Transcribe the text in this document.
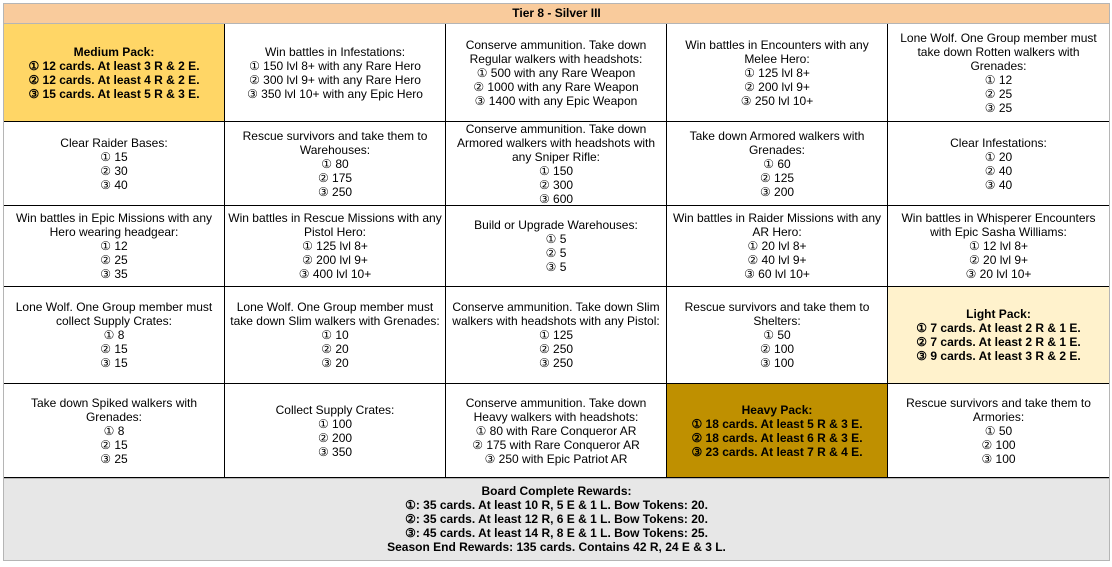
Tier 8 - Silver III
Medium Pack:
① 12 cards. At least 3 R & 2 E.
② 12 cards. At least 4 R & 2 E.
③ 15 cards. At least 5 R & 3 E.
Win battles in Infestations:
① 150 lvl 8+ with any Rare Hero
② 300 lvl 9+ with any Rare Hero
③ 350 lvl 10+ with any Epic Hero
Conserve ammunition. Take down Regular walkers with headshots:
① 500 with any Rare Weapon
② 1000 with any Rare Weapon
③ 1400 with any Epic Weapon
Win battles in Encounters with any Melee Hero:
① 125 lvl 8+
② 200 lvl 9+
③ 250 lvl 10+
Lone Wolf. One Group member must take down Rotten walkers with Grenades:
① 12
② 25
③ 25
Clear Raider Bases:
① 15
② 30
③ 40
Rescue survivors and take them to Warehouses:
① 80
② 175
③ 250
Conserve ammunition. Take down Armored walkers with headshots with any Sniper Rifle:
① 150
② 300
③ 600
Take down Armored walkers with Grenades:
① 60
② 125
③ 200
Clear Infestations:
① 20
② 40
③ 40
Win battles in Epic Missions with any Hero wearing headgear:
① 12
② 25
③ 35
Win battles in Rescue Missions with any Pistol Hero:
① 125 lvl 8+
② 200 lvl 9+
③ 400 lvl 10+
Build or Upgrade Warehouses:
① 5
② 5
③ 5
Win battles in Raider Missions with any AR Hero:
① 20 lvl 8+
② 40 lvl 9+
③ 60 lvl 10+
Win battles in Whisperer Encounters with Epic Sasha Williams:
① 12 lvl 8+
② 20 lvl 9+
③ 20 lvl 10+
Lone Wolf. One Group member must collect Supply Crates:
① 8
② 15
③ 15
Lone Wolf. One Group member must take down Slim walkers with Grenades:
① 10
② 20
③ 20
Conserve ammunition. Take down Slim walkers with headshots with any Pistol:
① 125
② 250
③ 250
Rescue survivors and take them to Shelters:
① 50
② 100
③ 100
Light Pack:
① 7 cards. At least 2 R & 1 E.
② 7 cards. At least 2 R & 1 E.
③ 9 cards. At least 3 R & 2 E.
Take down Spiked walkers with Grenades:
① 8
② 15
③ 25
Collect Supply Crates:
① 100
② 200
③ 350
Conserve ammunition. Take down Heavy walkers with headshots:
① 80 with Rare Conqueror AR
② 175 with Rare Conqueror AR
③ 250 with Epic Patriot AR
Heavy Pack:
① 18 cards. At least 5 R & 3 E.
② 18 cards. At least 6 R & 3 E.
③ 23 cards. At least 7 R & 4 E.
Rescue survivors and take them to Armories:
① 50
② 100
③ 100
Board Complete Rewards:
①: 35 cards. At least 10 R, 5 E & 1 L. Bow Tokens: 20.
②: 35 cards. At least 12 R, 6 E & 1 L. Bow Tokens: 20.
③: 45 cards. At least 14 R, 8 E & 1 L. Bow Tokens: 25.
Season End Rewards: 135 cards. Contains 42 R, 24 E & 3 L.
